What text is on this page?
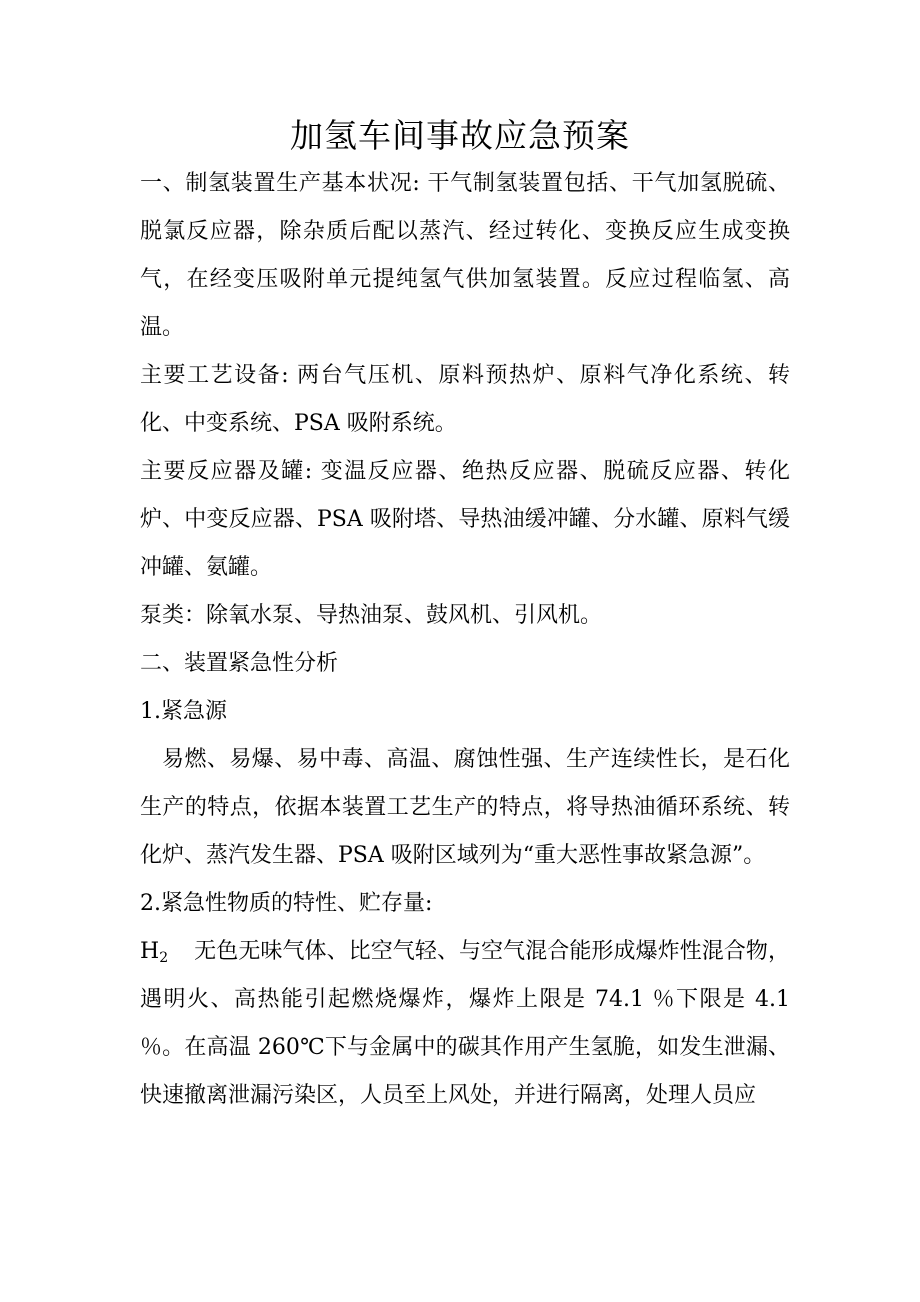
加氢车间事故应急预案

一、制氢装置生产基本状况: 干气制氢装置包括、干气加氢脱硫、脱氯反应器，除杂质后配以蒸汽、经过转化、变换反应生成变换气，在经变压吸附单元提纯氢气供加氢装置。反应过程临氢、高温。

主要工艺设备: 两台气压机、原料预热炉、原料气净化系统、转化、中变系统、PSA 吸附系统。

主要反应器及罐: 变温反应器、绝热反应器、脱硫反应器、转化炉、中变反应器、PSA 吸附塔、导热油缓冲罐、分水罐、原料气缓冲罐、氨罐。

泵类：除氧水泵、导热油泵、鼓风机、引风机。

二、装置紧急性分析

1.紧急源

易燃、易爆、易中毒、高温、腐蚀性强、生产连续性长，是石化生产的特点，依据本装置工艺生产的特点，将导热油循环系统、转化炉、蒸汽发生器、PSA 吸附区域列为“重大恶性事故紧急源”。

2.紧急性物质的特性、贮存量:

$H_2$ 无色无味气体、比空气轻、与空气混合能形成爆炸性混合物，遇明火、高热能引起燃烧爆炸，爆炸上限是 74.1 ％下限是 4.1 ％。在高温 260℃下与金属中的碳其作用产生氢脆，如发生泄漏、快速撤离泄漏污染区，人员至上风处，并进行隔离，处理人员应
